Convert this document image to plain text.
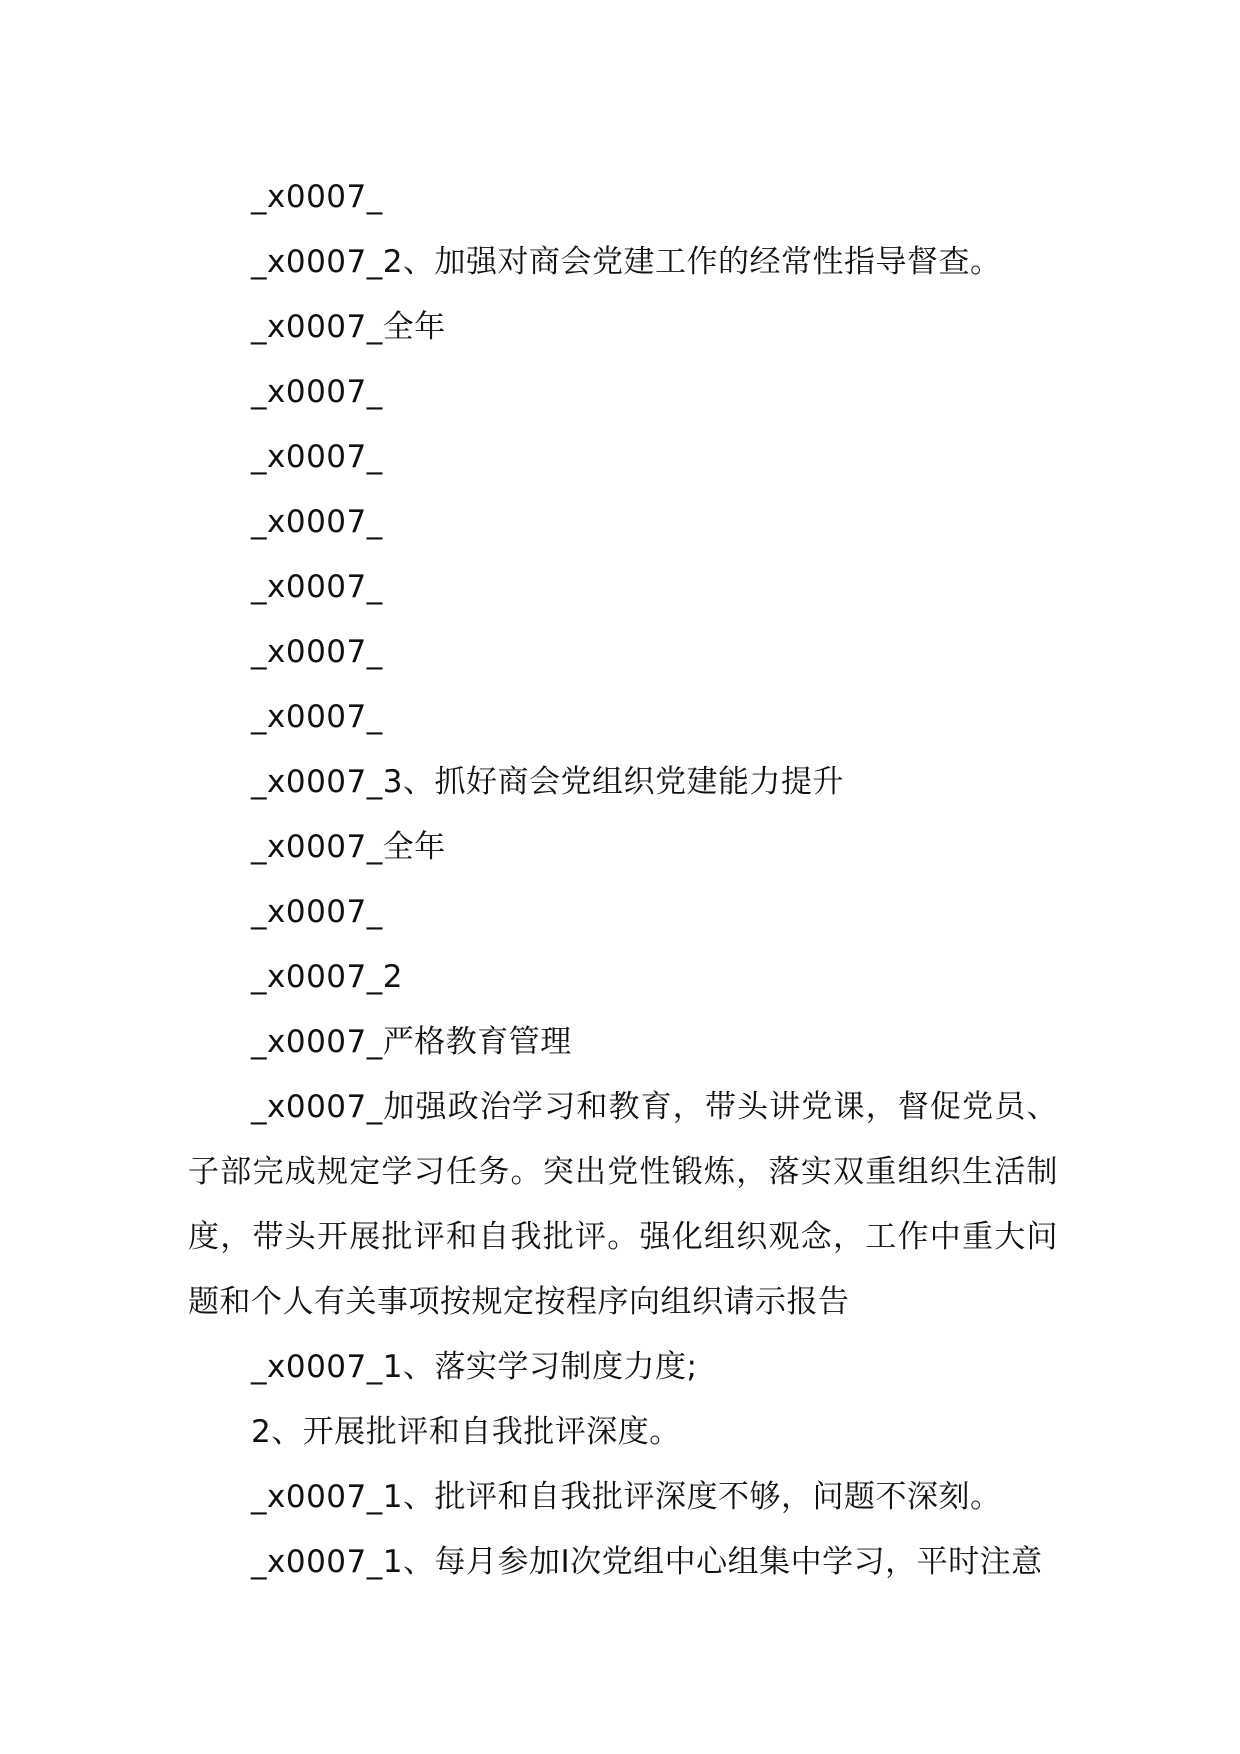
_x0007_

_x0007_2、加强对商会党建工作的经常性指导督查。

_x0007_全年

_x0007_

_x0007_

_x0007_

_x0007_

_x0007_

_x0007_

_x0007_3、抓好商会党组织党建能力提升

_x0007_全年

_x0007_

_x0007_2

_x0007_严格教育管理

_x0007_加强政治学习和教育，带头讲党课，督促党员、子部完成规定学习任务。突出党性锻炼，落实双重组织生活制度，带头开展批评和自我批评。强化组织观念，工作中重大问题和个人有关事项按规定按程序向组织请示报告

_x0007_1、落实学习制度力度;

2、开展批评和自我批评深度。

_x0007_1、批评和自我批评深度不够，问题不深刻。

_x0007_1、每月参加Ⅰ次党组中心组集中学习，平时注意
